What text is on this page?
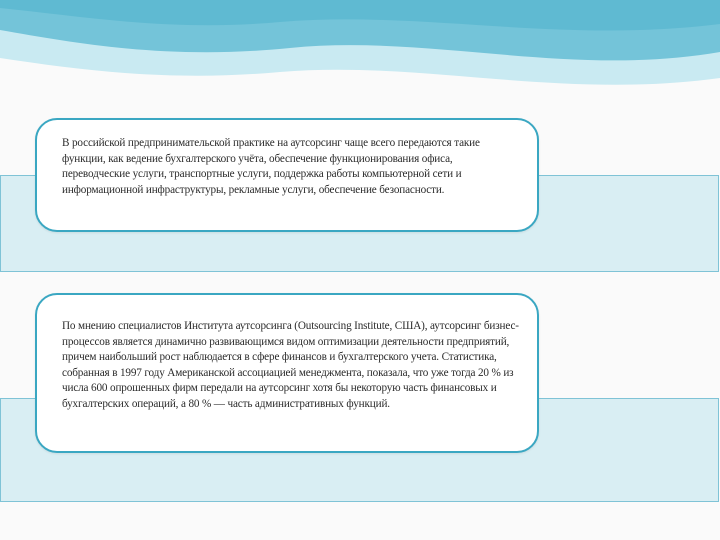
В российской предпринимательской практике на аутсорсинг чаще всего передаются такие функции, как ведение бухгалтерского учёта, обеспечение функционирования офиса, переводческие услуги, транспортные услуги, поддержка работы компьютерной сети и информационной инфраструктуры, рекламные услуги, обеспечение безопасности.

По мнению специалистов Института аутсорсинга (Outsourcing Institute, США), аутсорсинг бизнес-процессов является динамично развивающимся видом оптимизации деятельности предприятий, причем наибольший рост наблюдается в сфере финансов и бухгалтерского учета. Статистика, собранная в 1997 году Американской ассоциацией менеджмента, показала, что уже тогда 20 % из числа 600 опрошенных фирм передали на аутсорсинг хотя бы некоторую часть финансовых и бухгалтерских операций, а 80 % — часть административных функций.
